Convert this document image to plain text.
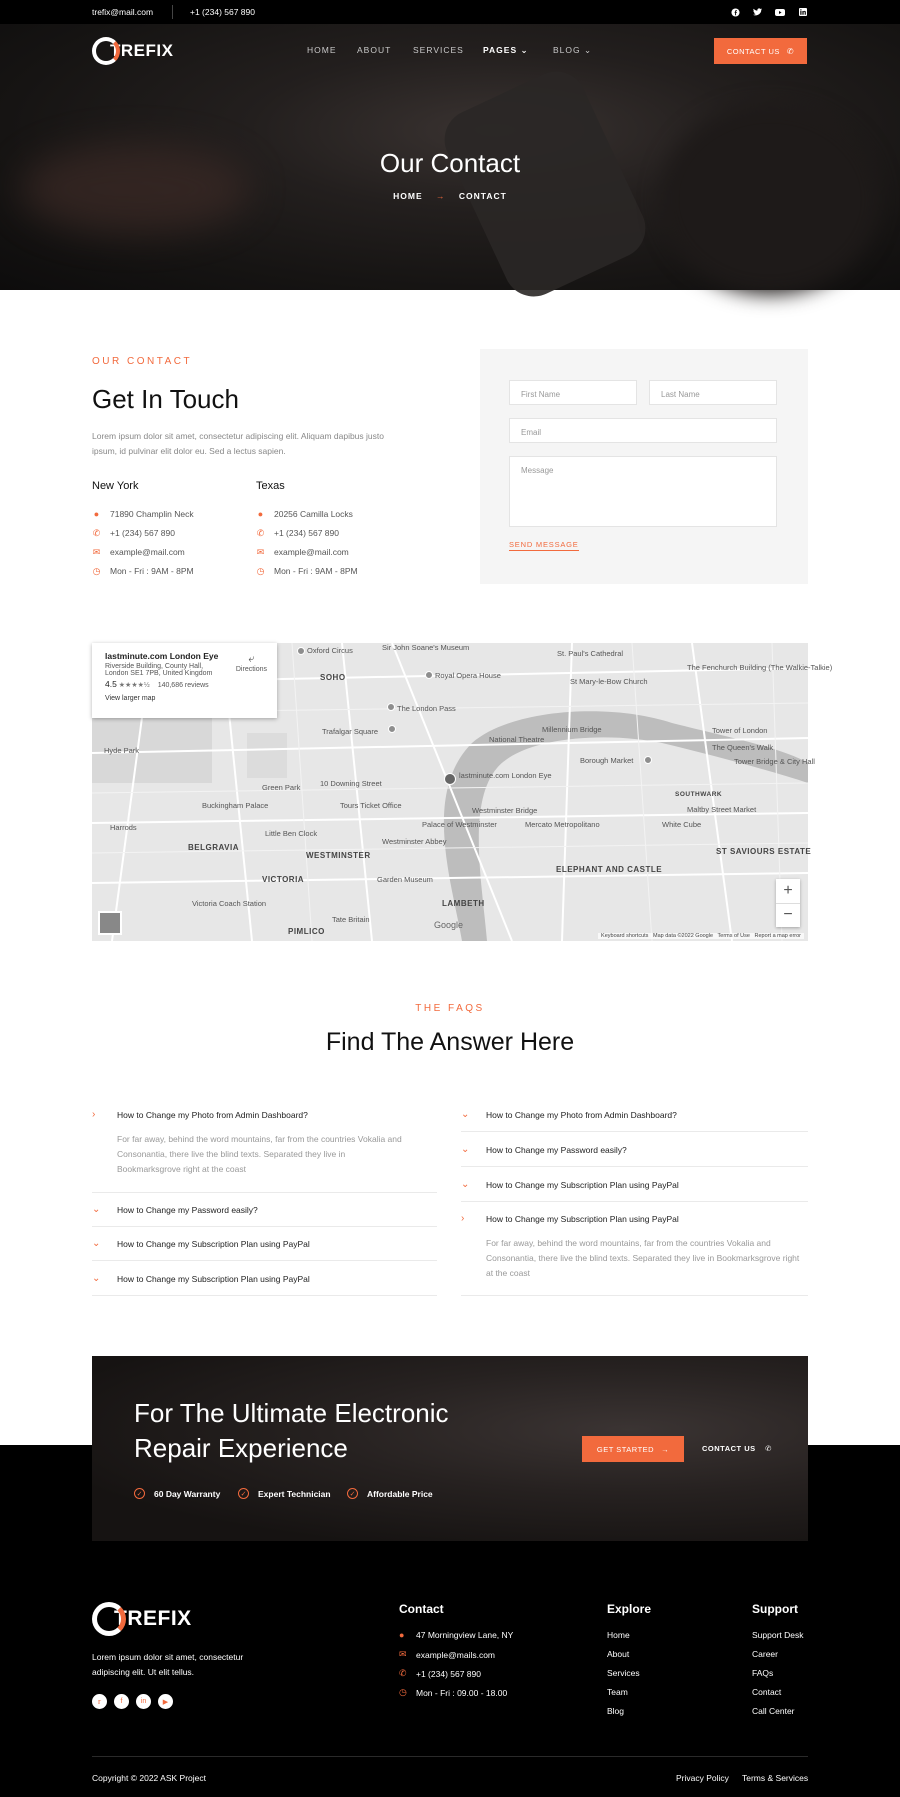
trefix@mail.com	+1 (234) 567 890
TREFIX	HOME ABOUT	SERVICES PAGES ⌄	BLOG ⌄	CONTACT US ✆
Our Contact
HOME → CONTACT
OUR CONTACT
Get In Touch

Lorem ipsum dolor sit amet, consectetur adipiscing elit. Aliquam dapibus justo ipsum, id pulvinar elit dolor eu. Sed a lectus sapien.

New York
● 71890 Champlin Neck
✆ +1 (234) 567 890
✉ example@mail.com
◷ Mon - Fri : 9AM - 8PM
Texas
● 20256 Camilla Locks
✆ +1 (234) 567 890
✉ example@mail.com
◷ Mon - Fri : 9AM - 8PM
First Name	Last Name
Email
Message
SEND MESSAGE
Oxford Circus	Sir John Soane's Museum
St. Paul's Cathedral
The Fenchurch Building (The Walkie-Talkie)
SOHO	Royal Opera House
St Mary-le-Bow Church
Hyde Park
The London Pass
Trafalgar Square
National Theatre
Millennium Bridge	Tower of London
The Queen's Walk
Borough Market	Tower Bridge & City Hall
10 Downing Street
Green Park
Buckingham Palace	Tours Ticket Office
lastminute.com London Eye
Westminster Bridge
Palace of Westminster	Mercato Metropolitano	White Cube
Maltby Street Market
Harrods
Little Ben Clock
Westminster Abbey
BELGRAVIA
WESTMINSTER
ELEPHANT AND CASTLE
SOUTHWARK
ST SAVIOURS ESTATE
Garden Museum
VICTORIA
LAMBETH
Victoria Coach Station
Tate Britain
PIMLICO
lastminute.com London Eye
Riverside Building, County Hall,
London SE1 7PB, United Kingdom
4.5 ★★★★½ 140,686 reviews
View larger map
⤶
Directions
+
−
Google
Keyboard shortcuts Map data ©2022 Google Terms of Use Report a map error
THE FAQS
Find The Answer Here
›	How to Change my Photo from Admin Dashboard?

For far away, behind the word mountains, far from the countries Vokalia and Consonantia, there live the blind texts. Separated they live in Bookmarksgrove right at the coast

⌄	How to Change my Password easily?
⌄	How to Change my Subscription Plan using PayPal
⌄	How to Change my Subscription Plan using PayPal
⌄	How to Change my Photo from Admin Dashboard?
⌄	How to Change my Password easily?
⌄	How to Change my Subscription Plan using PayPal
›	How to Change my Subscription Plan using PayPal

For far away, behind the word mountains, far from the countries Vokalia and Consonantia, there live the blind texts. Separated they live in Bookmarksgrove right at the coast

For The Ultimate Electronic Repair Experience
✓	60 Day Warranty	✓	Expert Technician	✓	Affordable Price
GET STARTED →	CONTACT US ✆
TREFIX

Lorem ipsum dolor sit amet, consectetur adipiscing elit. Ut elit tellus.

𝕣	f	in	▶
Contact
●	47 Morningview Lane, NY
✉ example@mails.com
✆ +1 (234) 567 890
◷ Mon - Fri : 09.00 - 18.00
Explore
Home
About
Services
Team
Blog
Support
Support Desk
Career
FAQs
Contact
Call Center
Copyright © 2022 ASK Project	Privacy Policy Terms & Services
